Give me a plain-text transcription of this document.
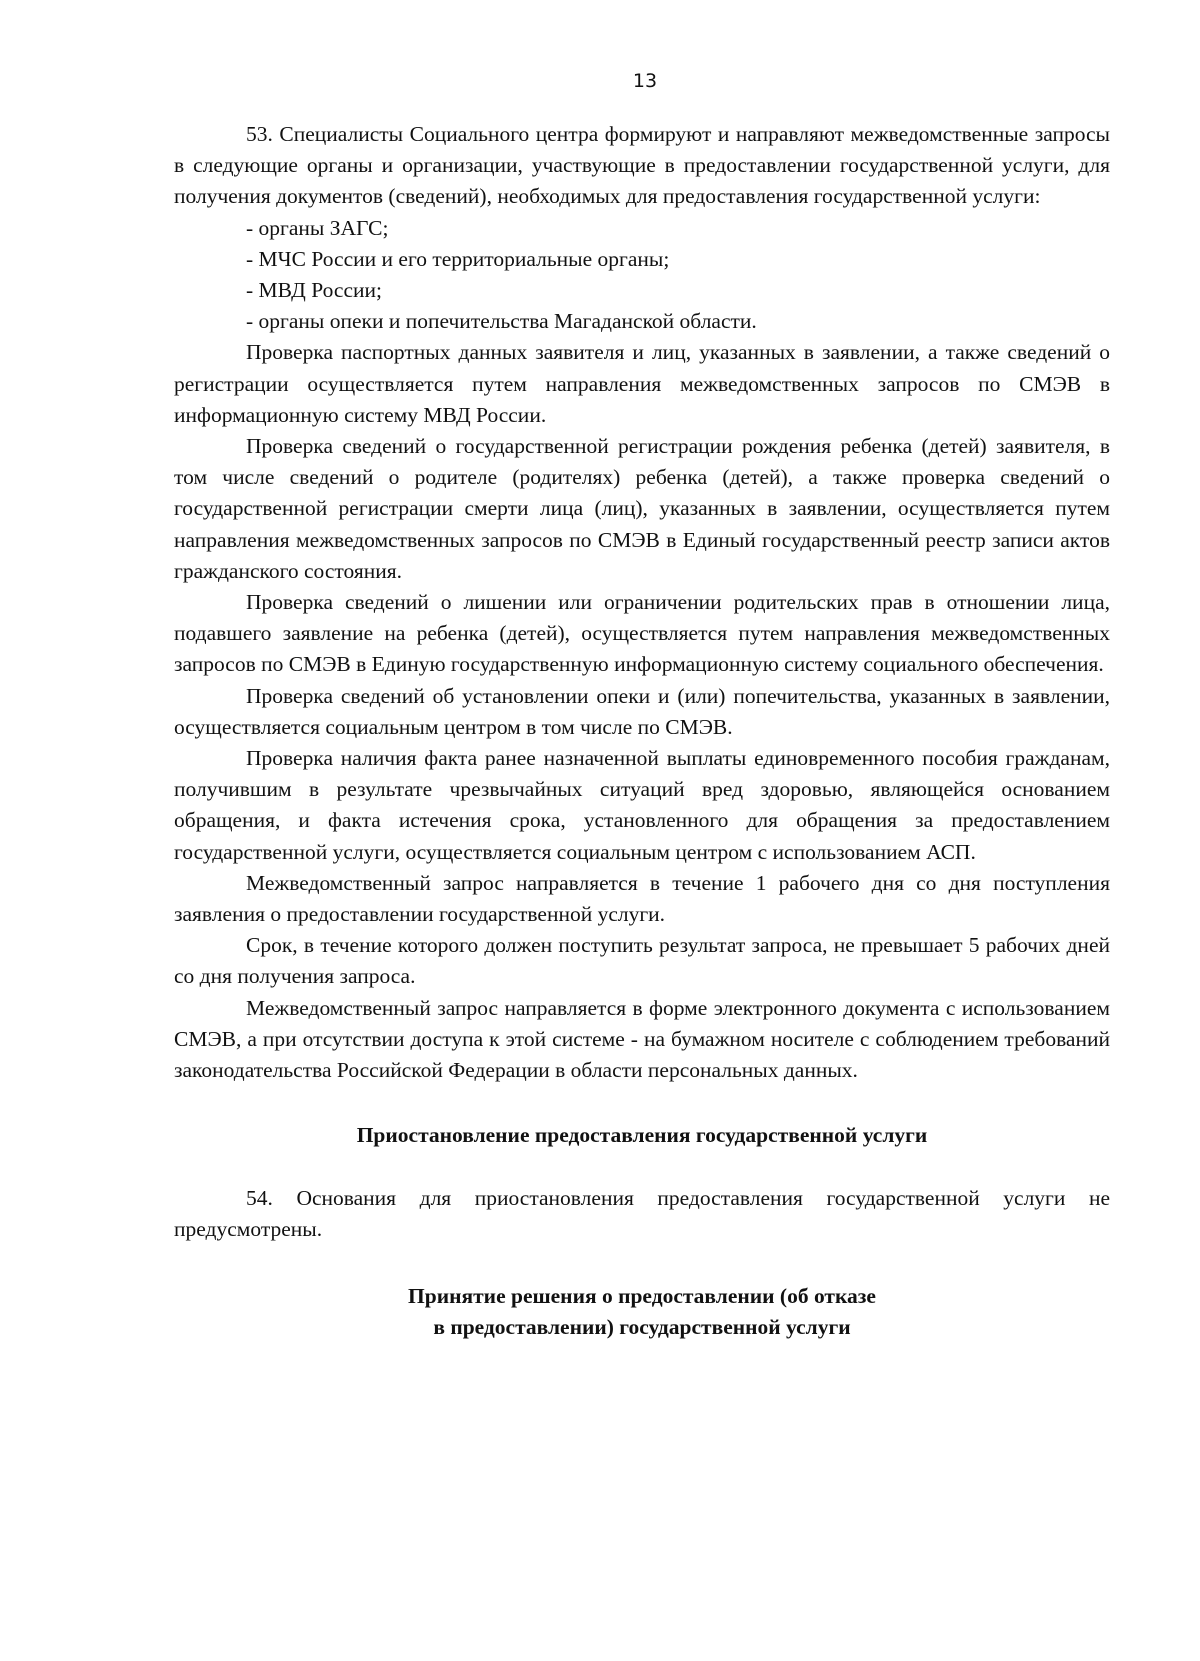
13

53. Специалисты Социального центра формируют и направляют межведомственные запросы в следующие органы и организации, участвующие в предоставлении государственной услуги, для получения документов (сведений), необходимых для предоставления государственной услуги:

- органы ЗАГС;

- МЧС России и его территориальные органы;

- МВД России;

- органы опеки и попечительства Магаданской области.

Проверка паспортных данных заявителя и лиц, указанных в заявлении, а также сведений о регистрации осуществляется путем направления межведомственных запросов по СМЭВ в информационную систему МВД России.

Проверка сведений о государственной регистрации рождения ребенка (детей) заявителя, в том числе сведений о родителе (родителях) ребенка (детей), а также проверка сведений о государственной регистрации смерти лица (лиц), указанных в заявлении, осуществляется путем направления межведомственных запросов по СМЭВ в Единый государственный реестр записи актов гражданского состояния.

Проверка сведений о лишении или ограничении родительских прав в отношении лица, подавшего заявление на ребенка (детей), осуществляется путем направления межведомственных запросов по СМЭВ в Единую государственную информационную систему социального обеспечения.

Проверка сведений об установлении опеки и (или) попечительства, указанных в заявлении, осуществляется социальным центром в том числе по СМЭВ.

Проверка наличия факта ранее назначенной выплаты единовременного пособия гражданам, получившим в результате чрезвычайных ситуаций вред здоровью, являющейся основанием обращения, и факта истечения срока, установленного для обращения за предоставлением государственной услуги, осуществляется социальным центром с использованием АСП.

Межведомственный запрос направляется в течение 1 рабочего дня со дня поступления заявления о предоставлении государственной услуги.

Срок, в течение которого должен поступить результат запроса, не превышает 5 рабочих дней со дня получения запроса.

Межведомственный запрос направляется в форме электронного документа с использованием СМЭВ, а при отсутствии доступа к этой системе - на бумажном носителе с соблюдением требований законодательства Российской Федерации в области персональных данных.

Приостановление предоставления государственной услуги

54. Основания для приостановления предоставления государственной услуги не предусмотрены.

Принятие решения о предоставлении (об отказе

в предоставлении) государственной услуги
